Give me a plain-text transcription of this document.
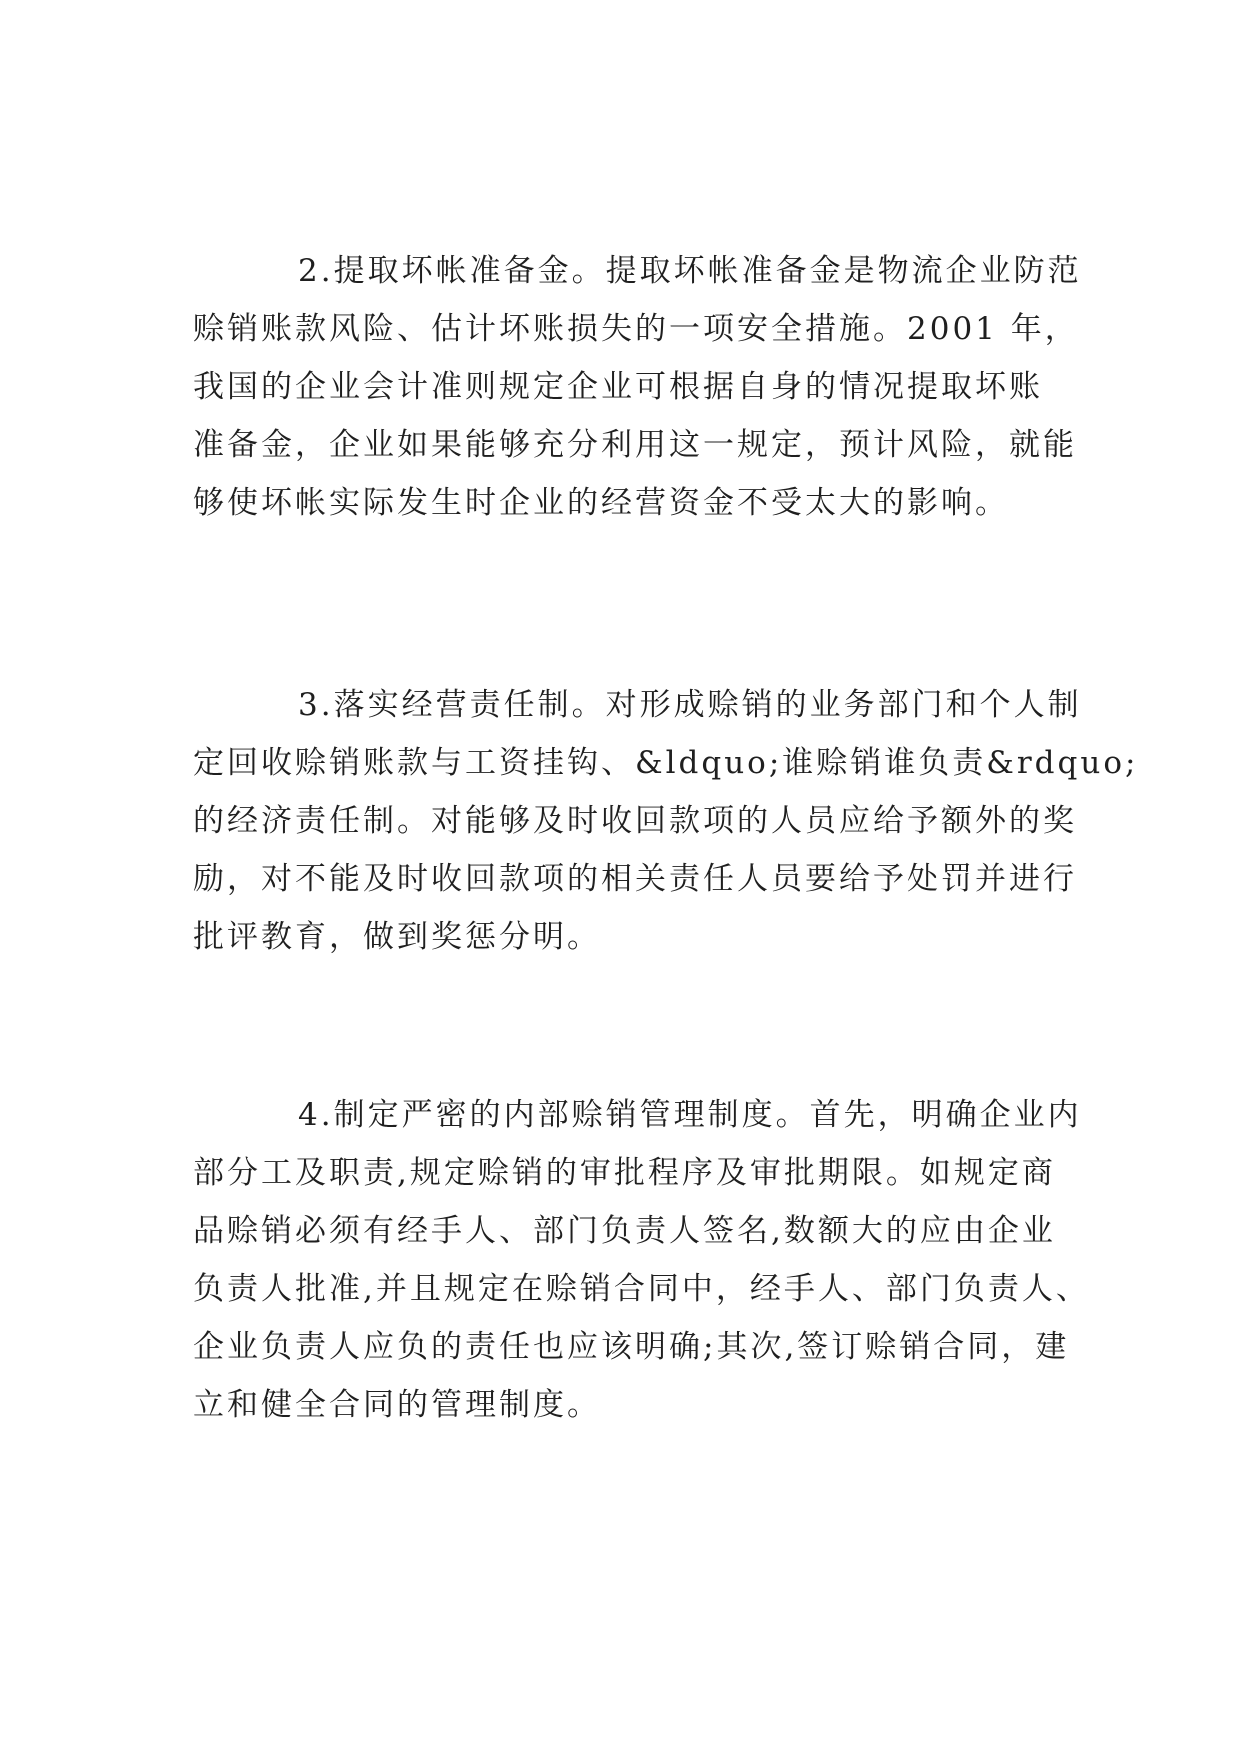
2.提取坏帐准备金。提取坏帐准备金是物流企业防范
赊销账款风险、估计坏账损失的一项安全措施。2001 年，
我国的企业会计准则规定企业可根据自身的情况提取坏账
准备金，企业如果能够充分利用这一规定，预计风险，就能
够使坏帐实际发生时企业的经营资金不受太大的影响。
3.落实经营责任制。对形成赊销的业务部门和个人制
定回收赊销账款与工资挂钩、&ldquo;谁赊销谁负责&rdquo;
的经济责任制。对能够及时收回款项的人员应给予额外的奖
励，对不能及时收回款项的相关责任人员要给予处罚并进行
批评教育，做到奖惩分明。
4.制定严密的内部赊销管理制度。首先，明确企业内
部分工及职责,规定赊销的审批程序及审批期限。如规定商
品赊销必须有经手人、部门负责人签名,数额大的应由企业
负责人批准,并且规定在赊销合同中，经手人、部门负责人、
企业负责人应负的责任也应该明确;其次,签订赊销合同，建
立和健全合同的管理制度。
